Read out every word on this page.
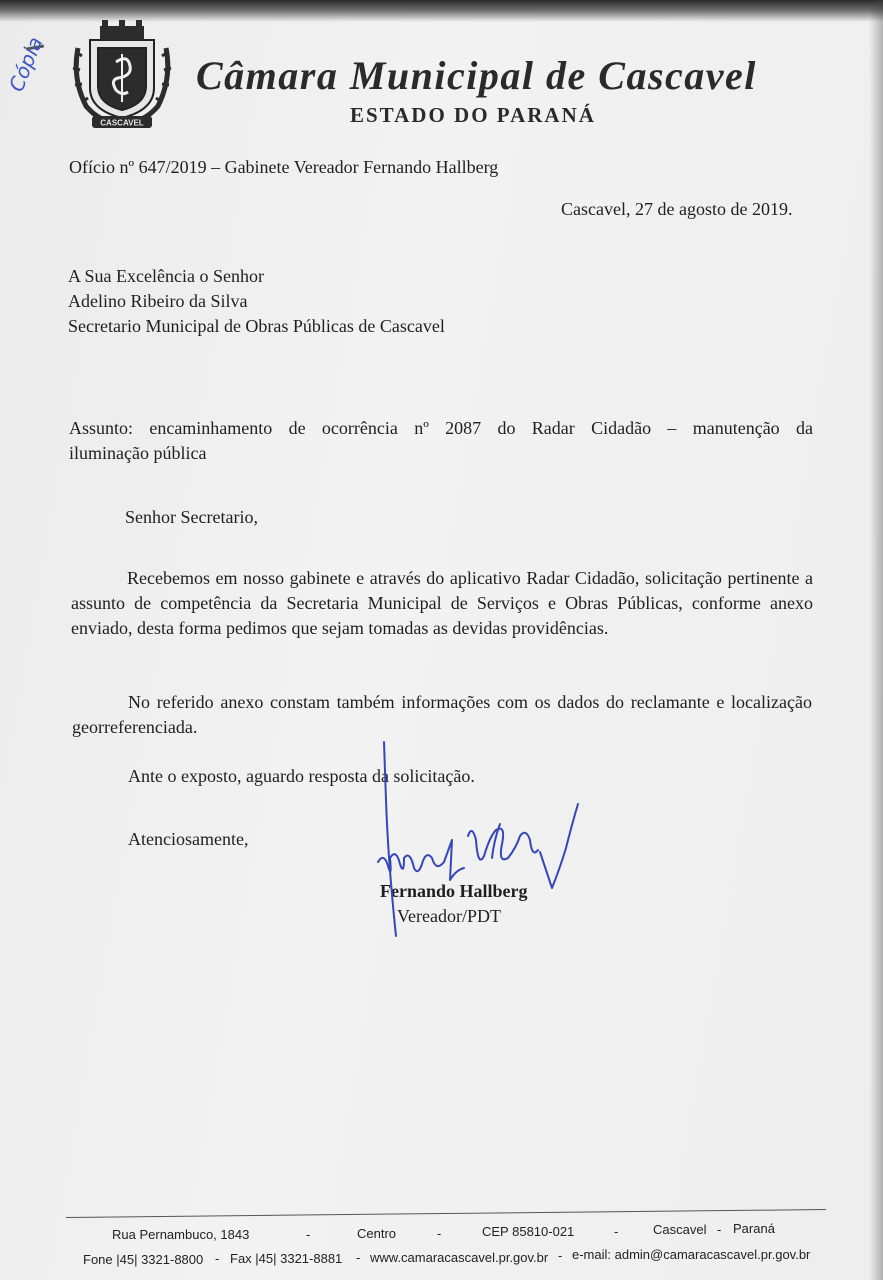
Cópia
CASCAVEL
Câmara Municipal de Cascavel
ESTADO DO PARANÁ
Ofício nº 647/2019 – Gabinete Vereador Fernando Hallberg
Cascavel, 27 de agosto de 2019.
A Sua Excelência o Senhor
Adelino Ribeiro da Silva
Secretario Municipal de Obras Públicas de Cascavel
Assunto: encaminhamento de ocorrência nº 2087 do Radar Cidadão – manutenção da
iluminação pública
Senhor Secretario,
Recebemos em nosso gabinete e através do aplicativo Radar Cidadão, solicitação pertinente a assunto de competência da Secretaria Municipal de Serviços e Obras Públicas, conforme anexo enviado, desta forma pedimos que sejam tomadas as devidas providências.
No referido anexo constam também informações com os dados do reclamante e localização georreferenciada.
Ante o exposto, aguardo resposta da solicitação.
Atenciosamente,
Fernando Hallberg
Vereador/PDT
Rua Pernambuco, 1843	-	Centro	-	CEP 85810-021	-	Cascavel - Paraná
Fone |45| 3321-8800 - Fax |45| 3321-8881 - www.camaracascavel.pr.gov.br - e-mail: admin@camaracascavel.pr.gov.br
